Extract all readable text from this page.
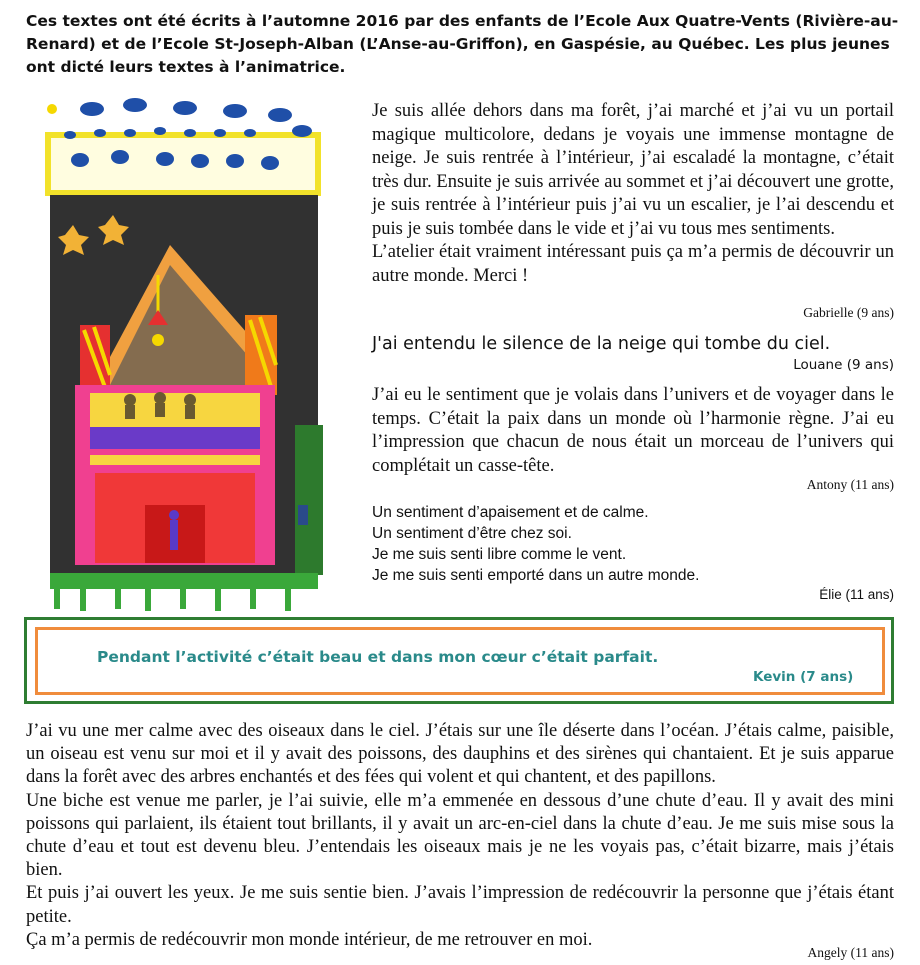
Ces textes ont été écrits à l’automne 2016 par des enfants de l’Ecole Aux Quatre-Vents (Rivière-au-Renard) et de l’Ecole St-Joseph-Alban (L’Anse-au-Griffon), en Gaspésie, au Québec. Les plus jeunes ont dicté leurs textes à l’animatrice.

Je suis allée dehors dans ma forêt, j’ai marché et j’ai vu un portail magique multicolore, dedans je voyais une immense montagne de neige. Je suis rentrée à l’intérieur, j’ai escaladé la montagne, c’était très dur. Ensuite je suis arrivée au sommet et j’ai découvert une grotte, je suis rentrée à l’intérieur puis j’ai vu un escalier, je l’ai descendu et puis je suis tombée dans le vide et j’ai vu tous mes sentiments.

L’atelier était vraiment intéressant puis ça m’a permis de découvrir un autre monde. Merci !

Gabrielle (9 ans)
J'ai entendu le silence de la neige qui tombe du ciel.
Louane (9 ans)
J’ai eu le sentiment que je volais dans l’univers et de voyager dans le temps. C’était la paix dans un monde où l’harmonie règne. J’ai eu l’impression que chacun de nous était un morceau de l’univers qui complétait un casse-tête.
Antony (11 ans)
Un sentiment d’apaisement et de calme.
Un sentiment d’être chez soi.
Je me suis senti libre comme le vent.
Je me suis senti emporté dans un autre monde.
Élie (11 ans)
Pendant l’activité c’était beau et dans mon cœur c’était parfait.
Kevin (7 ans)

J’ai vu une mer calme avec des oiseaux dans le ciel. J’étais sur une île déserte dans l’océan. J’étais calme, paisible, un oiseau est venu sur moi et il y avait des poissons, des dauphins et des sirènes qui chantaient. Et je suis apparue dans la forêt avec des arbres enchantés et des fées qui volent et qui chantent, et des papillons.

Une biche est venue me parler, je l’ai suivie, elle m’a emmenée en dessous d’une chute d’eau. Il y avait des mini poissons qui parlaient, ils étaient tout brillants, il y avait un arc-en-ciel dans la chute d’eau. Je me suis mise sous la chute d’eau et tout est devenu bleu. J’entendais les oiseaux mais je ne les voyais pas, c’était bizarre, mais j’étais bien.

Et puis j’ai ouvert les yeux. Je me suis sentie bien. J’avais l’impression de redécouvrir la personne que j’étais étant petite.

Ça m’a permis de redécouvrir mon monde intérieur, de me retrouver en moi.

Angely (11 ans)
